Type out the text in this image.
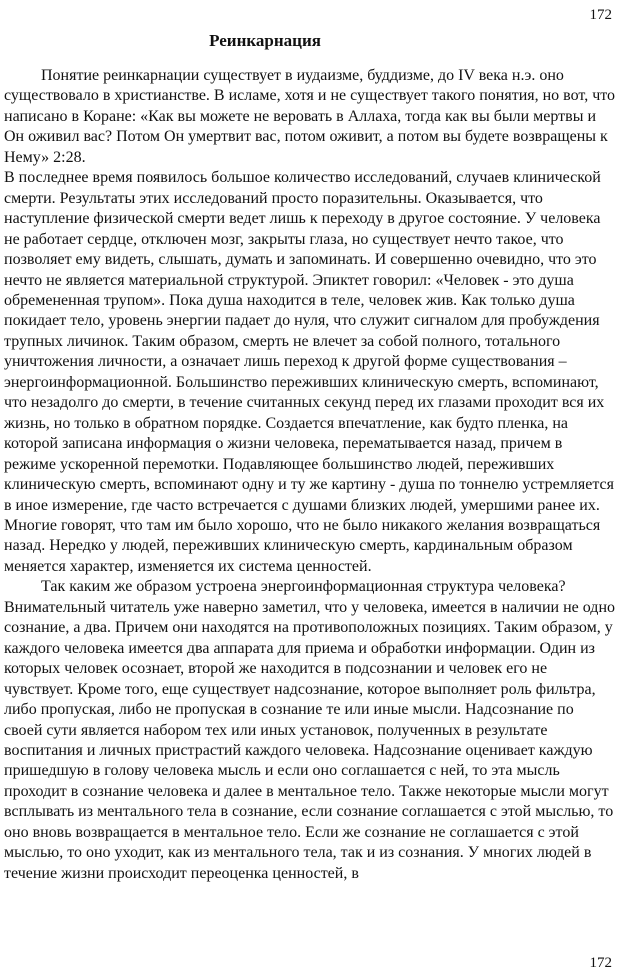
172
Реинкарнация

Понятие реинкарнации существует в иудаизме, буддизме, до IV века н.э. оно существовало в христианстве. В исламе, хотя и не существует такого понятия, но вот, что написано в Коране: «Как вы можете не веровать в Аллаха, тогда как вы были мертвы и Он оживил вас? Потом Он умертвит вас, потом оживит, а потом вы будете возвращены к Нему» 2:28.

В последнее время появилось большое количество исследований, случаев клинической смерти. Результаты этих исследований просто поразительны. Оказывается, что наступление физической смерти ведет лишь к переходу в другое состояние. У человека не работает сердце, отключен мозг, закрыты глаза, но существует нечто такое, что позволяет ему видеть, слышать, думать и запоминать. И совершенно очевидно, что это нечто не является материальной структурой. Эпиктет говорил: «Человек - это душа обремененная трупом». Пока душа находится в теле, человек жив. Как только душа покидает тело, уровень энергии падает до нуля, что служит сигналом для пробуждения трупных личинок. Таким образом, смерть не влечет за собой полного, тотального уничтожения личности, а означает лишь переход к другой форме существования – энергоинформационной. Большинство переживших клиническую смерть, вспоминают, что незадолго до смерти, в течение считанных секунд перед их глазами проходит вся их жизнь, но только в обратном порядке. Создается впечатление, как будто пленка, на которой записана информация о жизни человека, перематывается назад, причем в режиме ускоренной перемотки. Подавляющее большинство людей, переживших клиническую смерть, вспоминают одну и ту же картину - душа по тоннелю устремляется в иное измерение, где часто встречается с душами близких людей, умершими ранее их. Многие говорят, что там им было хорошо, что не было никакого желания возвращаться назад. Нередко у людей, переживших клиническую смерть, кардинальным образом меняется характер, изменяется их система ценностей.

Так каким же образом устроена энергоинформационная структура человека? Внимательный читатель уже наверно заметил, что у человека, имеется в наличии не одно сознание, а два. Причем они находятся на противоположных позициях. Таким образом, у каждого человека имеется два аппарата для приема и обработки информации. Один из которых человек осознает, второй же находится в подсознании и человек его не чувствует. Кроме того, еще существует надсознание, которое выполняет роль фильтра, либо пропуская, либо не пропуская в сознание те или иные мысли. Надсознание по своей сути является набором тех или иных установок, полученных в результате воспитания и личных пристрастий каждого человека. Надсознание оценивает каждую пришедшую в голову человека мысль и если оно соглашается с ней, то эта мысль проходит в сознание человека и далее в ментальное тело. Также некоторые мысли могут всплывать из ментального тела в сознание, если сознание соглашается с этой мыслью, то оно вновь возвращается в ментальное тело. Если же сознание не соглашается с этой мыслью, то оно уходит, как из ментального тела, так и из сознания. У многих людей в течение жизни происходит переоценка ценностей, в

172
